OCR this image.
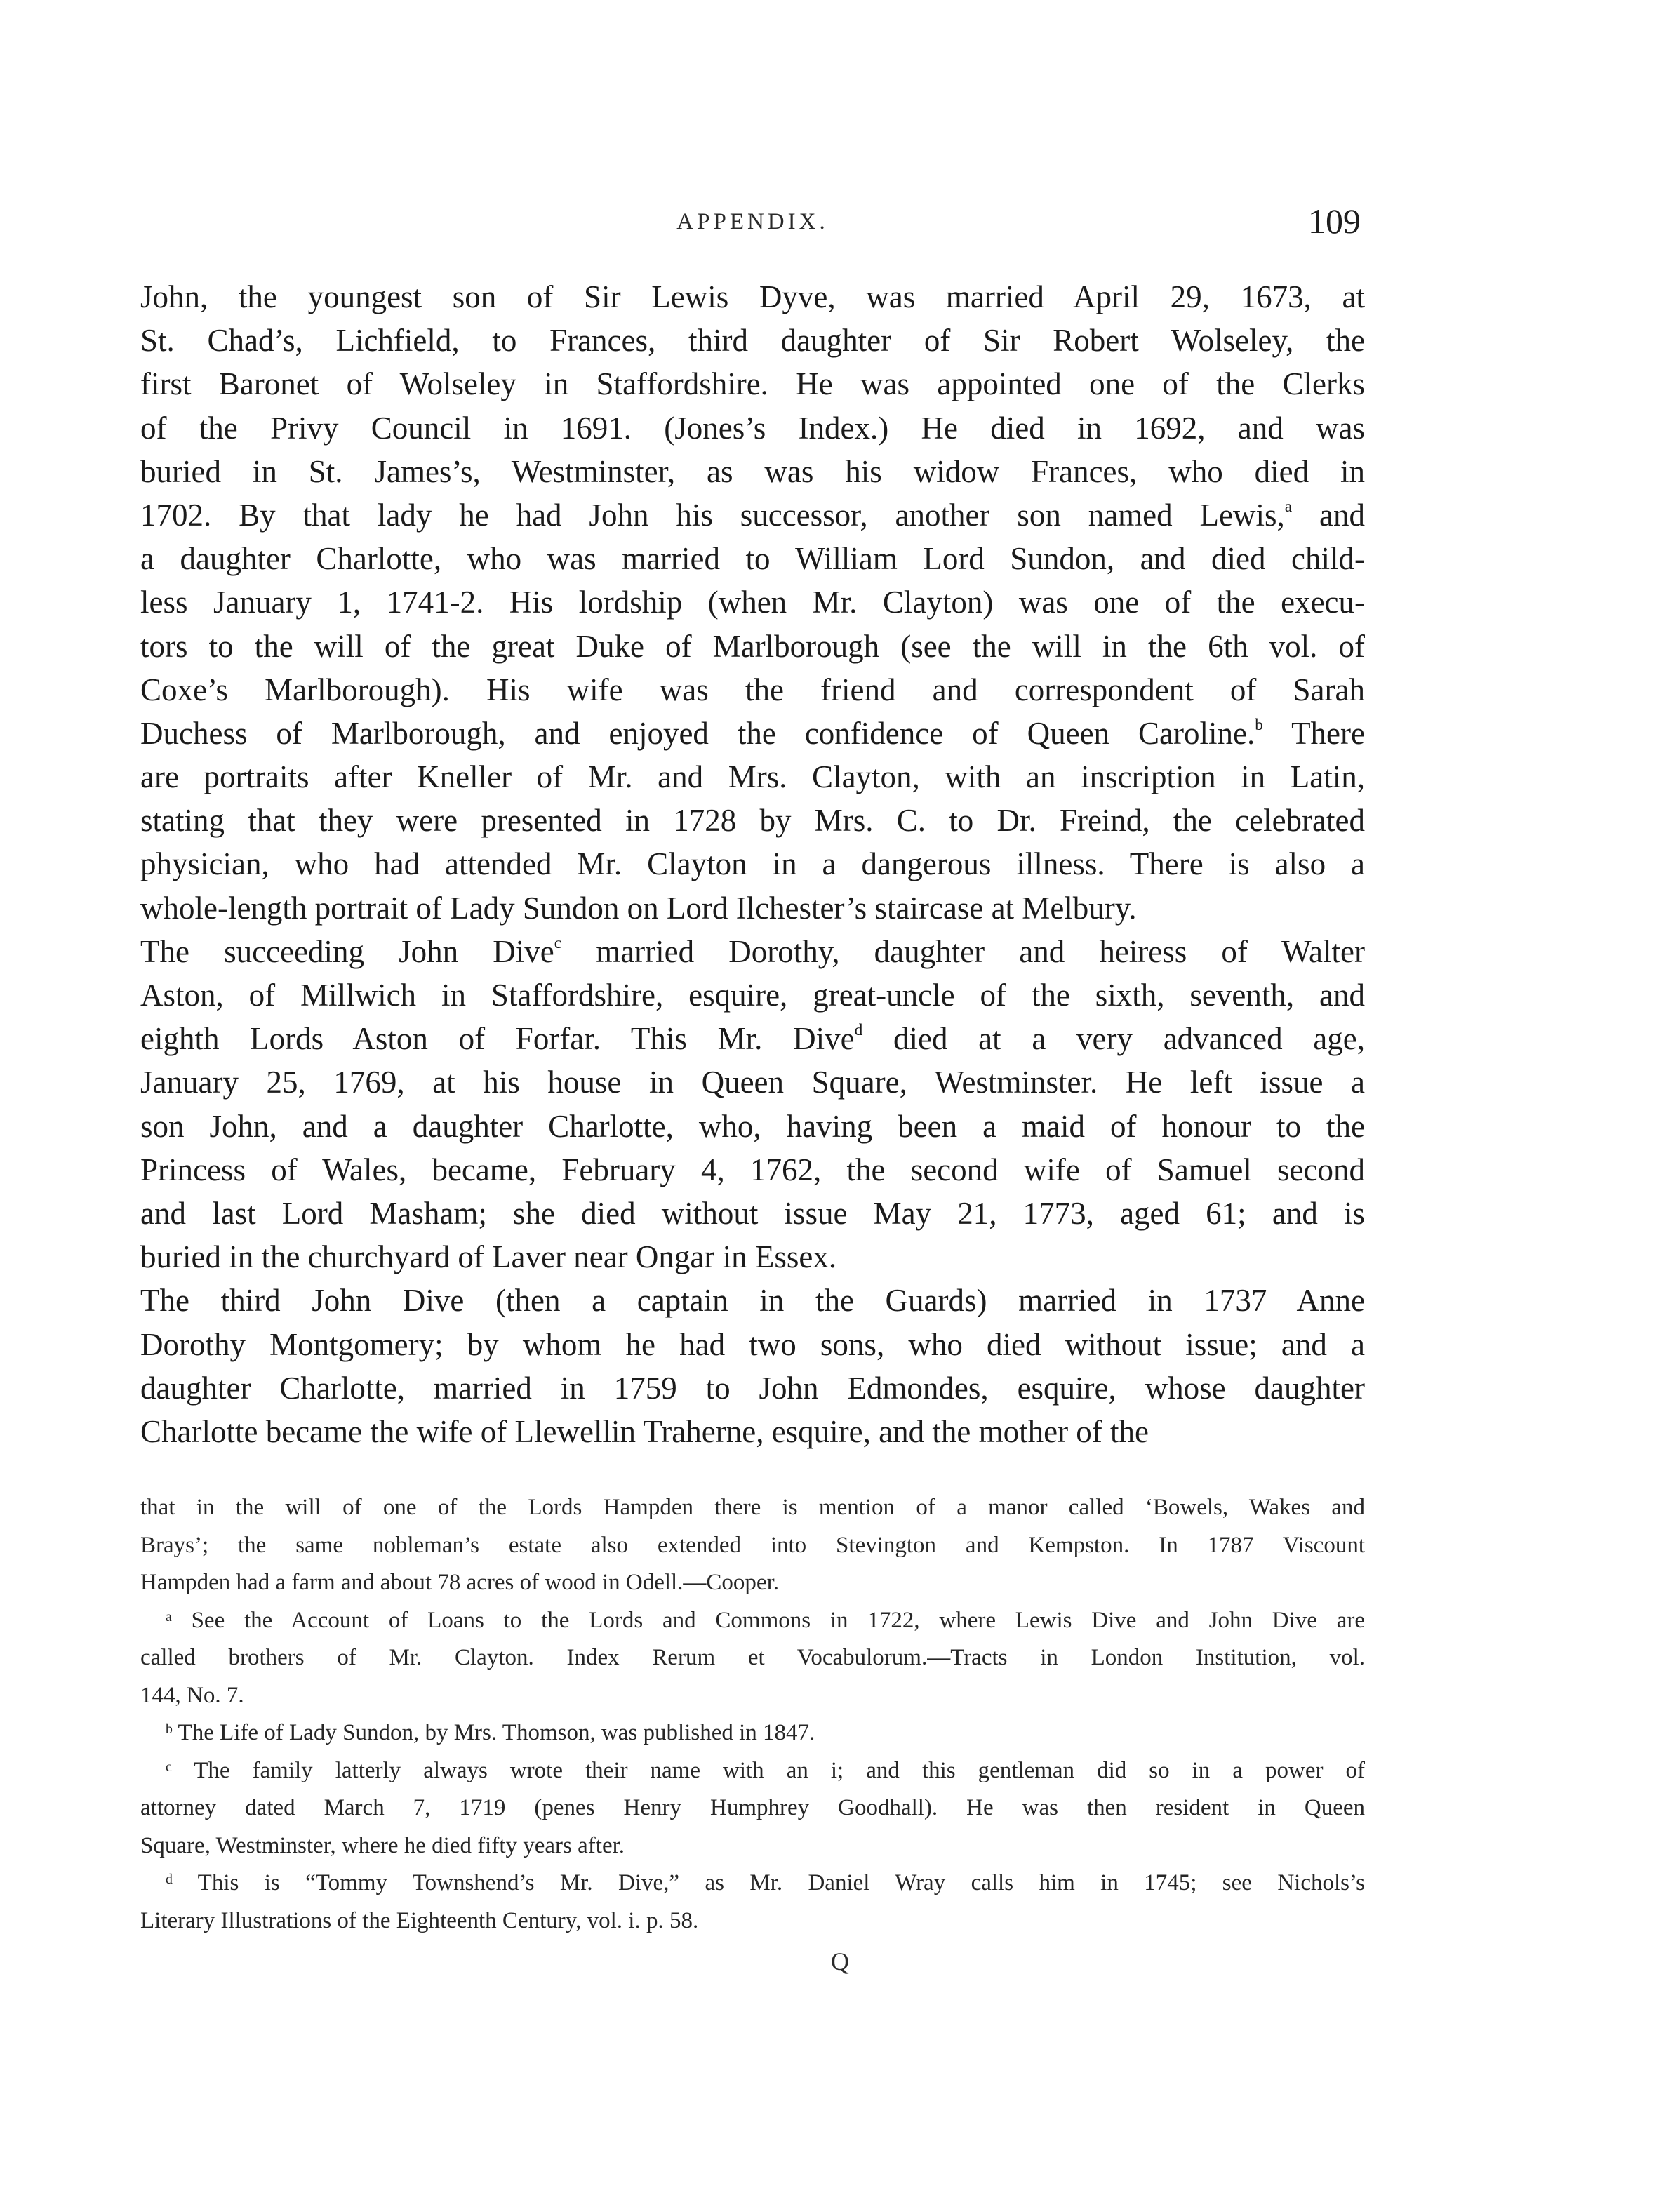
APPENDIX.	109
John, the youngest son of Sir Lewis Dyve, was married April 29, 1673, at
St. Chad’s, Lichfield, to Frances, third daughter of Sir Robert Wolseley, the
first Baronet of Wolseley in Staffordshire. He was appointed one of the Clerks
of the Privy Council in 1691. (Jones’s Index.) He died in 1692, and was
buried in St. James’s, Westminster, as was his widow Frances, who died in
1702. By that lady he had John his successor, another son named Lewis,$^a$ and
a daughter Charlotte, who was married to William Lord Sundon, and died child-
less January 1, 1741-2. His lordship (when Mr. Clayton) was one of the execu-
tors to the will of the great Duke of Marlborough (see the will in the 6th vol. of
Coxe’s Marlborough). His wife was the friend and correspondent of Sarah
Duchess of Marlborough, and enjoyed the confidence of Queen Caroline.$^b$ There
are portraits after Kneller of Mr. and Mrs. Clayton, with an inscription in Latin,
stating that they were presented in 1728 by Mrs. C. to Dr. Freind, the celebrated
physician, who had attended Mr. Clayton in a dangerous illness. There is also a
whole-length portrait of Lady Sundon on Lord Ilchester’s staircase at Melbury.
The succeeding John Dive$^c$ married Dorothy, daughter and heiress of Walter
Aston, of Millwich in Staffordshire, esquire, great-uncle of the sixth, seventh, and
eighth Lords Aston of Forfar. This Mr. Dive$^d$ died at a very advanced age,
January 25, 1769, at his house in Queen Square, Westminster. He left issue a
son John, and a daughter Charlotte, who, having been a maid of honour to the
Princess of Wales, became, February 4, 1762, the second wife of Samuel second
and last Lord Masham; she died without issue May 21, 1773, aged 61; and is
buried in the churchyard of Laver near Ongar in Essex.
The third John Dive (then a captain in the Guards) married in 1737 Anne
Dorothy Montgomery; by whom he had two sons, who died without issue; and a
daughter Charlotte, married in 1759 to John Edmondes, esquire, whose daughter
Charlotte became the wife of Llewellin Traherne, esquire, and the mother of the
that in the will of one of the Lords Hampden there is mention of a manor called ‘Bowels, Wakes and
Brays’; the same nobleman’s estate also extended into Stevington and Kempston. In 1787 Viscount
Hampden had a farm and about 78 acres of wood in Odell.—Cooper.
$^a$ See the Account of Loans to the Lords and Commons in 1722, where Lewis Dive and John Dive are
called brothers of Mr. Clayton. Index Rerum et Vocabulorum.—Tracts in London Institution, vol.
144, No. 7.
$^b$ The Life of Lady Sundon, by Mrs. Thomson, was published in 1847.
$^c$ The family latterly always wrote their name with an i; and this gentleman did so in a power of
attorney dated March 7, 1719 (penes Henry Humphrey Goodhall). He was then resident in Queen
Square, Westminster, where he died fifty years after.
$^d$ This is “Tommy Townshend’s Mr. Dive,” as Mr. Daniel Wray calls him in 1745; see Nichols’s
Literary Illustrations of the Eighteenth Century, vol. i. p. 58.
Q
